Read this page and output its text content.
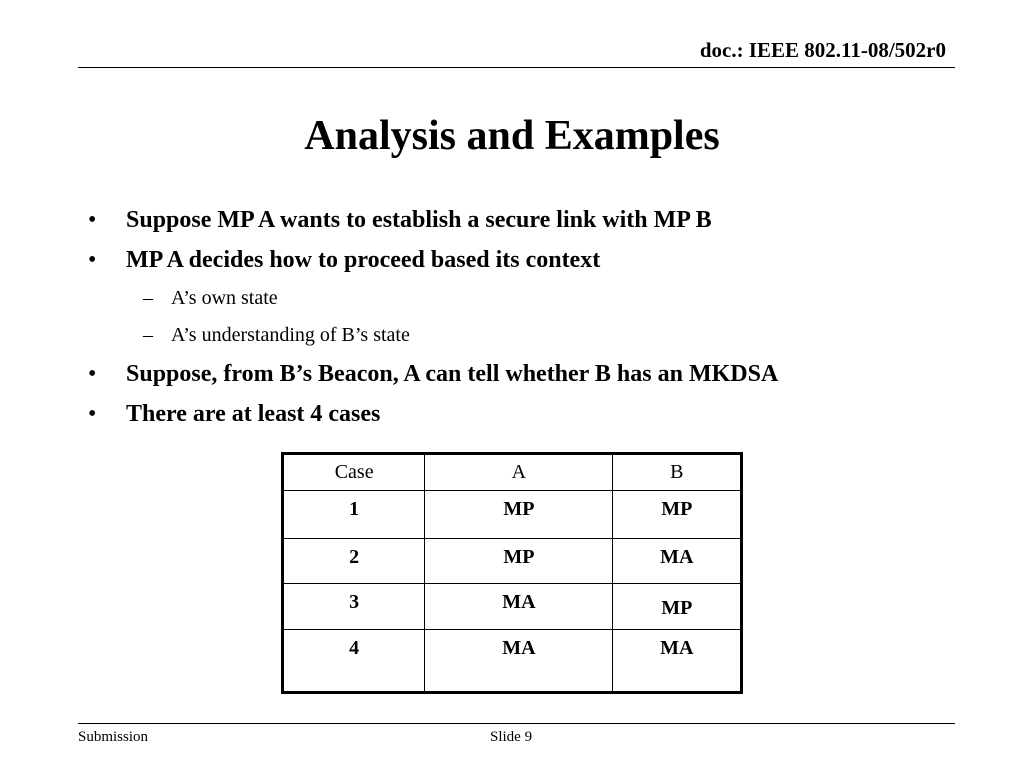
doc.: IEEE 802.11-08/502r0
Analysis and Examples
• Suppose MP A wants to establish a secure link with MP B
• MP A decides how to proceed based its context
– A’s own state
– A’s understanding of B’s state
• Suppose, from B’s Beacon, A can tell whether B has an MKDSA
• There are at least 4 cases
Case	A	B
1	MP	MP
2	MP	MA
3	MA	MP
4	MA	MA
Submission	Slide 9
